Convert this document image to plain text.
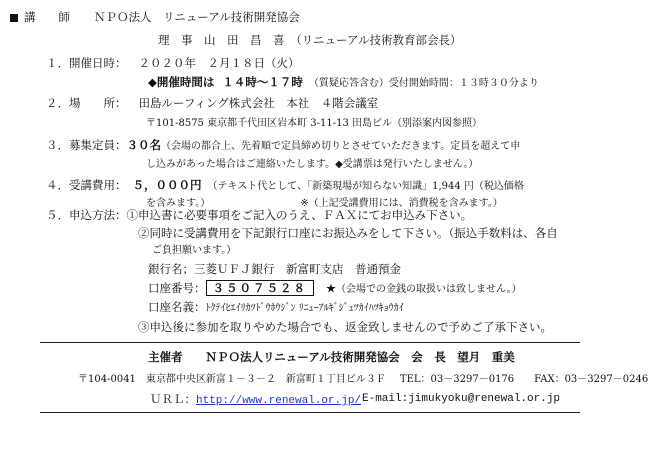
講　　師 ＮＰＯ法人　リニューアル技術開発協会
理　事　山　田　昌　喜　（リニューアル技術教育部会長）
１．開催日時： ２０２０年　２月１８日（火）
◆開催時間は １４時～１７時 （質疑応答含む）受付開始時間：１３時３０分より
２．場　　所： 田島ルーフィング株式会社　本社　４階会議室
〒101-8575 東京都千代田区岩本町 3-11-13 田島ビル（別添案内図参照）
３．募集定員：３０名（会場の都合上、先着順で定員締め切りとさせていただきます。定員を超えて申
し込みがあった場合はご連絡いたします。◆受講票は発行いたしません。）
４．受講費用： ５，０００円 （テキスト代として、「新築現場が知らない知識」1,944 円（税込価格
を含みます。）	※（上記受講費用には、消費税を含みます。）
５．申込方法：①申込書に必要事項をご記入のうえ、ＦＡＸにてお申込み下さい。
②同時に受講費用を下記銀行口座にお振込みをして下さい。（振込手数料は、各自
ご負担願います。）
銀行名；三菱ＵＦＪ銀行　新富町支店　普通預金
口座番号： ３５０７５２８ ★（会場での金銭の取扱いは致しません。）
口座名義：ﾄｸﾃｲﾋｴｲﾘｶﾂﾄﾞｳﾎｳｼﾞﾝ ﾘﾆｭｰｱﾙｷﾞｼﾞｭﾂｶｲﾊﾂｷｮｳｶｲ
③申込後に参加を取りやめた場合でも、返金致しませんので予めご了承下さい。
主催者　　ＮＰＯ法人リニューアル技術開発協会　会　長　望月　重美
〒104-0041　東京都中央区新富１－３－２　新富町１丁目ビル３Ｆ TEL：03－3297－0176 FAX：03－3297－0246
ＵＲＬ：http://www.renewal.or.jp/ E-mail:jimukyoku@renewal.or.jp
